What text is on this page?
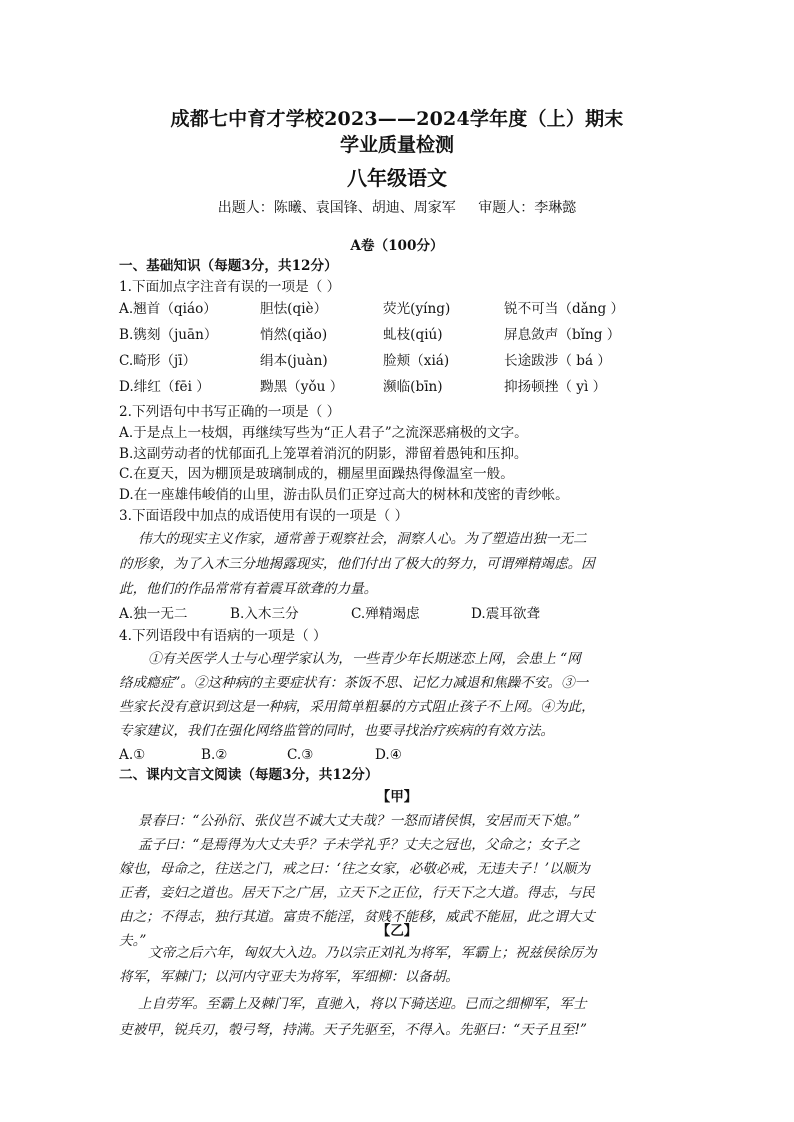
成都七中育才学校2023——2024学年度（上）期末
学业质量检测
八年级语文
出题人：陈曦、袁国锋、胡迪、周家军 审题人：李琳懿
A卷（100分）
一、基础知识（每题3分，共12分）
1.下面加点字注音有误的一项是（ ）
A.翘首（qiáo）	胆怯(qiè）	荧光(yíng)	锐不可当（dǎng ）
B.镌刻（juān）	悄然(qiǎo)	虬枝(qiú)	屏息敛声（bǐng ）
C.畸形（jī）	绢本(juàn)	脸颊（xiá)	长途跋涉（ bá ）
D.绯红（fēi ）	黝黑（yǒu ）	濒临(bīn)	抑扬顿挫（ yì ）
2.下列语句中书写正确的一项是（ ）
A.于是点上一枝烟，再继续写些为“正人君子”之流深恶痛极的文字。
B.这副劳动者的忧郁面孔上笼罩着消沉的阴影，滞留着愚钝和压抑。
C.在夏天，因为棚顶是玻璃制成的，棚屋里面躁热得像温室一般。
D.在一座雄伟峻俏的山里，游击队员们正穿过高大的树林和茂密的青纱帐。
3.下面语段中加点的成语使用有误的一项是（ ）
伟大的现实主义作家，通常善于观察社会，洞察人心。为了塑造出独一无二
的形象，为了入木三分地揭露现实，他们付出了极大的努力，可谓殚精竭虑。因
此，他们的作品常常有着震耳欲聋的力量。
A.独一无二	B.入木三分	C.殚精竭虑	D.震耳欲聋
4.下列语段中有语病的一项是（ ）
①有关医学人士与心理学家认为，一些青少年长期迷恋上网，会患上 “网
络成瘾症”。②这种病的主要症状有：茶饭不思、记忆力减退和焦躁不安。③一
些家长没有意识到这是一种病，采用简单粗暴的方式阻止孩子不上网。④为此，
专家建议，我们在强化网络监管的同时，也要寻找治疗疾病的有效方法。
A.①	B.②	C.③	D.④
二、课内文言文阅读（每题3分，共12分）
【甲】
景春曰：“公孙衍、张仪岂不诚大丈夫哉？一怒而诸侯惧，安居而天下熄。”
孟子曰：“是焉得为大丈夫乎？子未学礼乎？丈夫之冠也，父命之；女子之
嫁也，母命之，往送之门，戒之曰：‘往之女家，必敬必戒，无违夫子！’以顺为
正者，妾妇之道也。居天下之广居，立天下之正位，行天下之大道。得志，与民
由之；不得志，独行其道。富贵不能淫，贫贱不能移，威武不能屈，此之谓大丈
夫。”
【乙】
文帝之后六年，匈奴大入边。乃以宗正刘礼为将军，军霸上；祝兹侯徐厉为
将军，军棘门；以河内守亚夫为将军，军细柳：以备胡。
上自劳军。至霸上及棘门军，直驰入，将以下骑送迎。已而之细柳军，军士
吏被甲，锐兵刃，彀弓弩，持满。天子先驱至，不得入。先驱曰：“天子且至!”
